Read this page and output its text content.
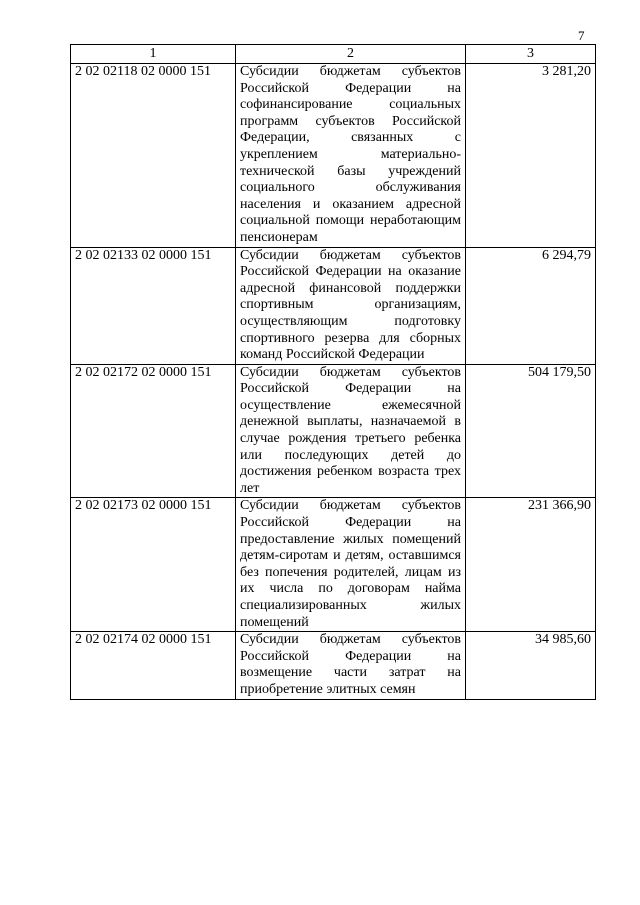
7
1	2	3
2 02 02118 02 0000 151	Субсидии бюджетам субъектов Российской Федерации на софинансирование социальных программ субъектов Российской Федерации, связанных с укреплением материально-технической базы учреждений социального обслуживания населения и оказанием адресной социальной помощи неработающим пенсионерам	3 281,20
2 02 02133 02 0000 151	Субсидии бюджетам субъектов Российской Федерации на оказание адресной финансовой поддержки спортивным организациям, осуществляющим подготовку спортивного резерва для сборных команд Российской Федерации	6 294,79
2 02 02172 02 0000 151	Субсидии бюджетам субъектов Российской Федерации на осуществление ежемесячной денежной выплаты, назначаемой в случае рождения третьего ребенка или последующих детей до достижения ребенком возраста трех лет	504 179,50
2 02 02173 02 0000 151	Субсидии бюджетам субъектов Российской Федерации на предоставление жилых помещений детям-сиротам и детям, оставшимся без попечения родителей, лицам из их числа по договорам найма специализированных жилых помещений	231 366,90
2 02 02174 02 0000 151	Субсидии бюджетам субъектов Российской Федерации на возмещение части затрат на приобретение элитных семян	34 985,60
